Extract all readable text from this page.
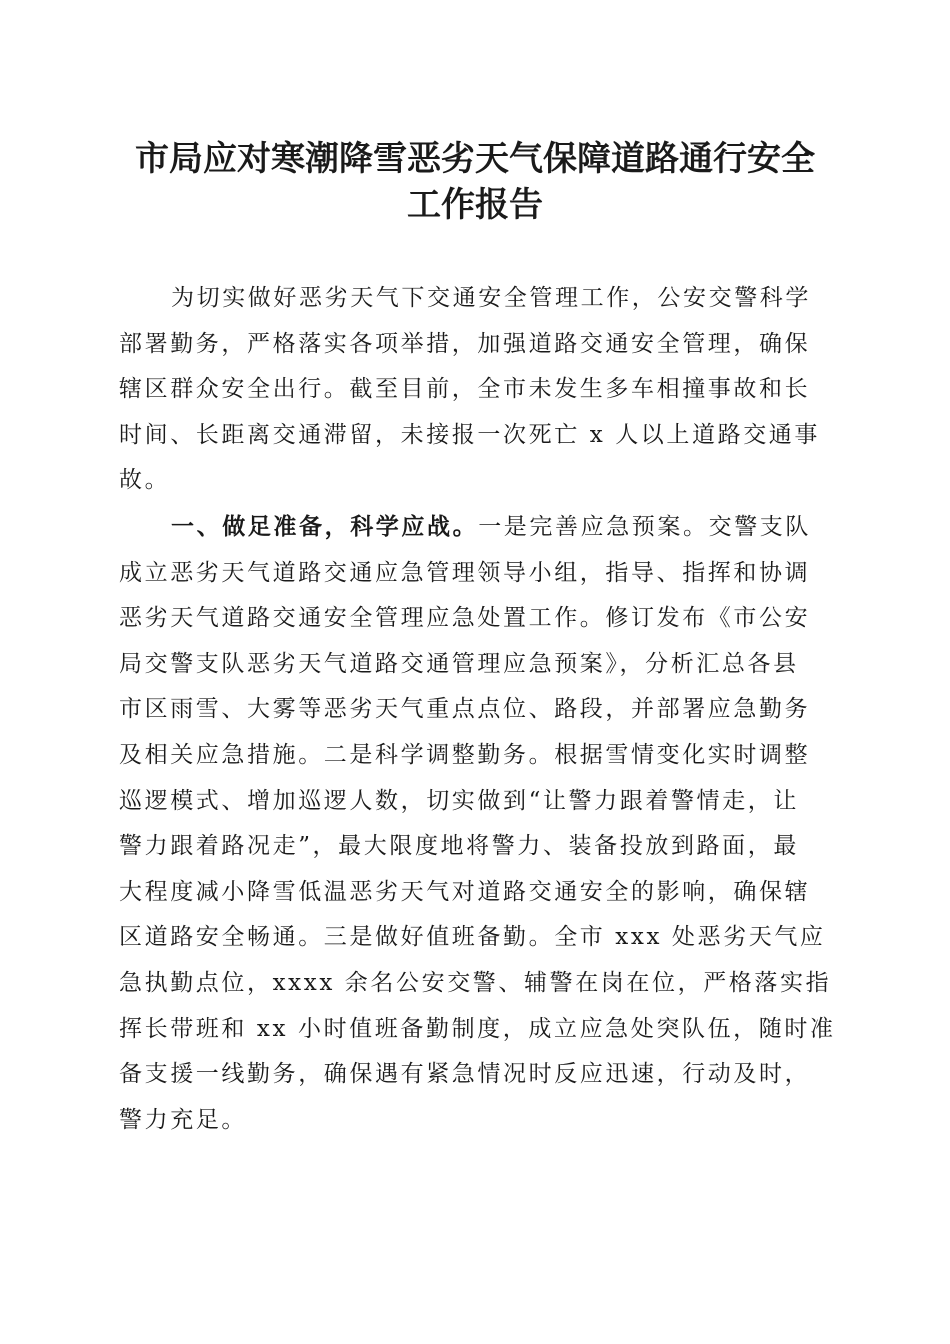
市局应对寒潮降雪恶劣天气保障道路通行安全
工作报告

为切实做好恶劣天气下交通安全管理工作，公安交警科学
部署勤务，严格落实各项举措，加强道路交通安全管理，确保
辖区群众安全出行。截至目前，全市未发生多车相撞事故和长
时间、长距离交通滞留，未接报一次死亡 x 人以上道路交通事
故。

一、做足准备，科学应战。一是完善应急预案。交警支队
成立恶劣天气道路交通应急管理领导小组，指导、指挥和协调
恶劣天气道路交通安全管理应急处置工作。修订发布《市公安
局交警支队恶劣天气道路交通管理应急预案》，分析汇总各县
市区雨雪、大雾等恶劣天气重点点位、路段，并部署应急勤务
及相关应急措施。二是科学调整勤务。根据雪情变化实时调整
巡逻模式、增加巡逻人数，切实做到“让警力跟着警情走，让
警力跟着路况走”，最大限度地将警力、装备投放到路面，最
大程度减小降雪低温恶劣天气对道路交通安全的影响，确保辖
区道路安全畅通。三是做好值班备勤。全市 xxx 处恶劣天气应
急执勤点位，xxxx 余名公安交警、辅警在岗在位，严格落实指
挥长带班和 xx 小时值班备勤制度，成立应急处突队伍，随时准
备支援一线勤务，确保遇有紧急情况时反应迅速，行动及时，
警力充足。
